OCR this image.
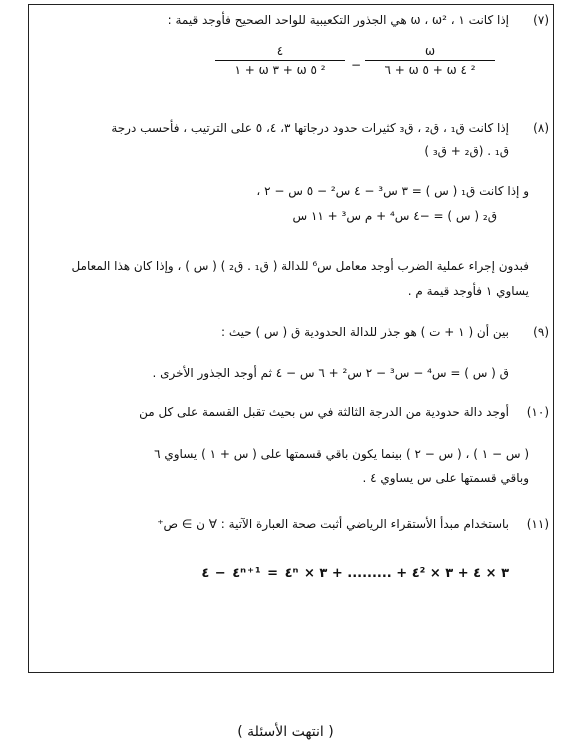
(٧)
إذا كانت ١ ، ω ، ω² هي الجذور التكعيبية للواحد الصحيح فأوجد قيمة :
ω
٦ + ω ٥ + ω ٤ ²
−
٤
١ + ω ٣ + ω ٥ ²
(٨)
إذا كانت ق₁ ، ق₂ ، ق₃ كثيرات حدود درجاتها ٣، ٤، ٥ على الترتيب ، فأحسب درجة
ق₁ . (ق₂ + ق₃ )
و إذا كانت ق₁ ( س ) = ٣ س³ − ٤ س² − ٥ س − ٢ ،
ق₂ ( س ) = −٤ س⁴ + م س³ + ١١ س
فبدون إجراء عملية الضرب أوجد معامل س⁶ للدالة ( ق₁ . ق₂ ) ( س ) ، وإذا كان هذا المعامل
يساوي ١ فأوجد قيمة م .
(٩)
بين أن ( ١ + ت ) هو جذر للدالة الحدودية ق ( س ) حيث :
ق ( س ) = س⁴ − س³ − ٢ س² + ٦ س − ٤ ثم أوجد الجذور الأخرى .
(١٠)
أوجد دالة حدودية من الدرجة الثالثة في س بحيث تقبل القسمة على كل من
( س − ١ ) ، ( س − ٢ ) بينما يكون باقي قسمتها على ( س + ١ ) يساوي ٦
وباقي قسمتها على س يساوي ٤ .
(١١)
باستخدام مبدأ الأستقراء الرياضي أثبت صحة العبارة الآتية : ∀ ن ∋ ص⁺
٣ × ٤ + ٣ × ٤² + ......... + ٣ × ٤ⁿ = ٤ⁿ⁺¹ − ٤
( انتهت الأسئلة )
